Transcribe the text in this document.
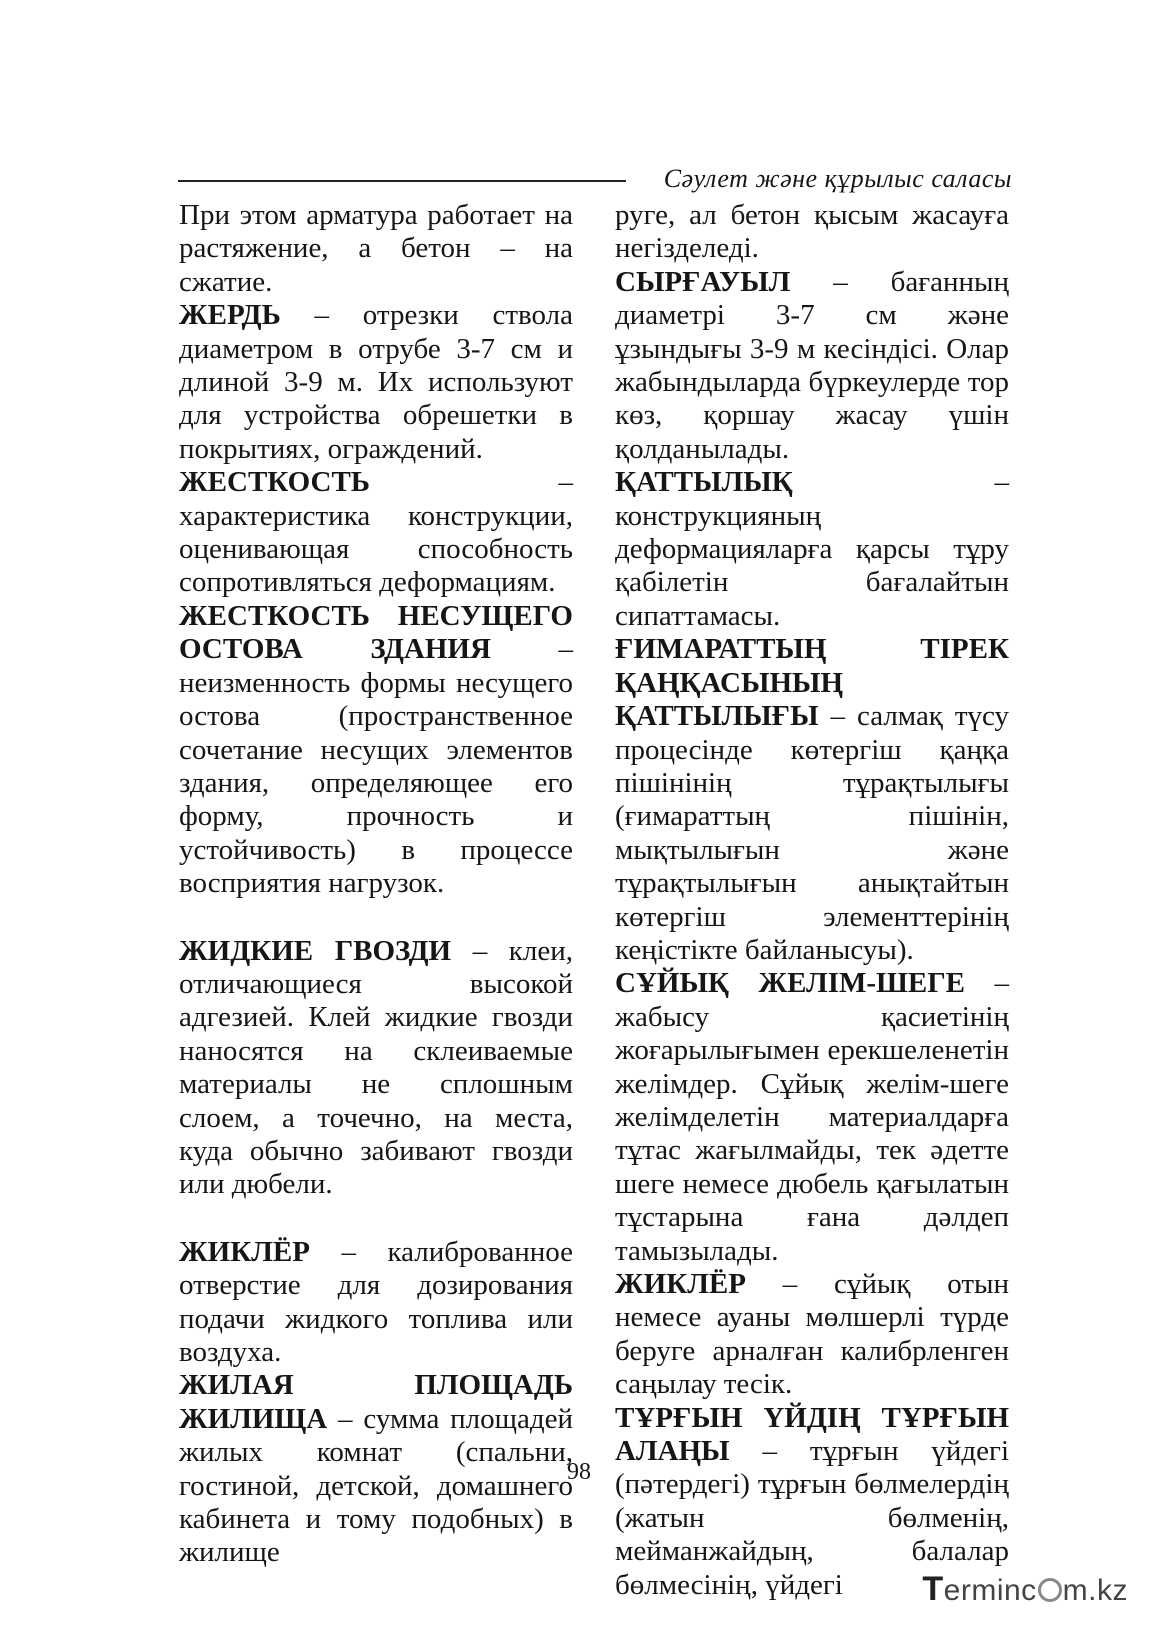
Сәулет және құрылыс саласы

При этом арматура работает на растяжение, а бетон – на сжатие.

ЖЕРДЬ – отрезки ствола диаметром в отрубе 3-7 см и длиной 3-9 м. Их используют для устройства обрешетки в покрытиях, ограждений.

ЖЕСТКОСТЬ – характеристика конструкции, оценивающая способность сопротивляться деформациям.

ЖЕСТКОСТЬ НЕСУЩЕГО ОСТОВА ЗДАНИЯ – неизменность формы несущего остова (пространственное сочетание несущих элементов здания, определяющее его форму, прочность и устойчивость) в процессе восприятия нагрузок.

ЖИДКИЕ ГВОЗДИ – клеи, отличающиеся высокой адгезией. Клей жидкие гвозди наносятся на склеиваемые материалы не сплошным слоем, а точечно, на места, куда обычно забивают гвозди или дюбели.

ЖИКЛЁР – калиброванное отверстие для дозирования подачи жидкого топлива или воздуха.

ЖИЛАЯ ПЛОЩАДЬ ЖИЛИЩА – сумма площадей жилых комнат (спальни, гостиной, детской, домашнего кабинета и тому подобных) в жилище

руге, ал бетон қысым жасауға негізделеді.

СЫРҒАУЫЛ – бағанның диаметрі 3-7 см және ұзындығы 3-9 м кесіндісі. Олар жабындыларда бүркеулерде тор көз, қоршау жасау үшін қолданылады.

ҚАТТЫЛЫҚ – конструкцияның деформацияларға қарсы тұру қабілетін бағалайтын сипаттамасы.

ҒИМАРАТТЫҢ ТІРЕК ҚАҢҚАСЫНЫҢ ҚАТТЫЛЫҒЫ – салмақ түсу процесінде көтергіш қаңқа пішінінің тұрақтылығы (ғимараттың пішінін, мықтылығын және тұрақтылығын анықтайтын көтергіш элементтерінің кеңістікте байланысуы).

СҰЙЫҚ ЖЕЛІМ-ШЕГЕ – жабысу қасиетінің жоғарылығымен ерекшеленетін желімдер. Сұйық желім-шеге желімделетін материалдарға тұтас жағылмайды, тек әдетте шеге немесе дюбель қағылатын тұстарына ғана дәлдеп тамызылады.

ЖИКЛЁР – сұйық отын немесе ауаны мөлшерлі түрде беруге арналған калибрленген саңылау тесік.

ТҰРҒЫН ҮЙДІҢ ТҰРҒЫН АЛАҢЫ – тұрғын үйдегі (пәтердегі) тұрғын бөлмелердің (жатын бөлменің, мейманжайдың, балалар бөлмесінің, үйдегі

98
Terminc m.kz
